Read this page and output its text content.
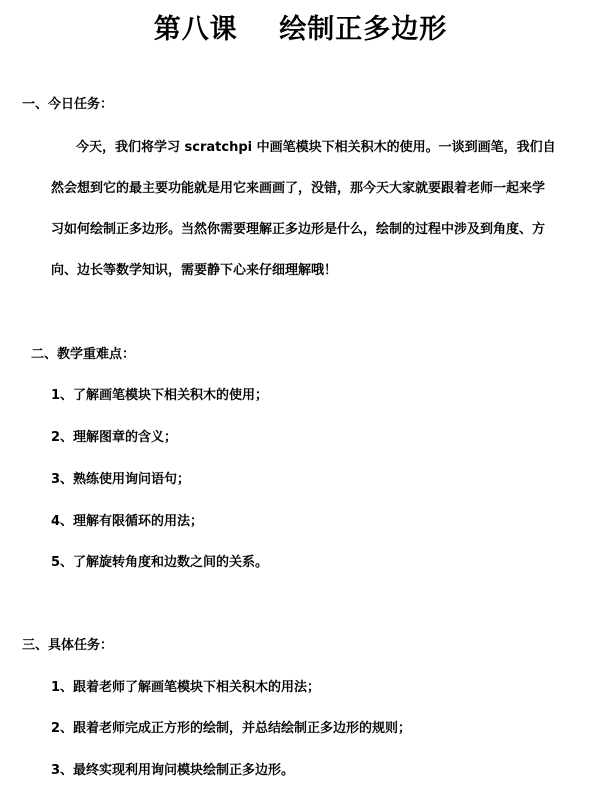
第八课    绘制正多边形
一、今日任务：
今天，我们将学习 scratchpi 中画笔模块下相关积木的使用。一谈到画笔，我们自
然会想到它的最主要功能就是用它来画画了，没错，那今天大家就要跟着老师一起来学
习如何绘制正多边形。当然你需要理解正多边形是什么，绘制的过程中涉及到角度、方
向、边长等数学知识，需要静下心来仔细理解哦！
二、教学重难点：
1、了解画笔模块下相关积木的使用；
2、理解图章的含义；
3、熟练使用询问语句；
4、理解有限循环的用法；
5、了解旋转角度和边数之间的关系。
三、具体任务：
1、跟着老师了解画笔模块下相关积木的用法；
2、跟着老师完成正方形的绘制，并总结绘制正多边形的规则；
3、最终实现利用询问模块绘制正多边形。
